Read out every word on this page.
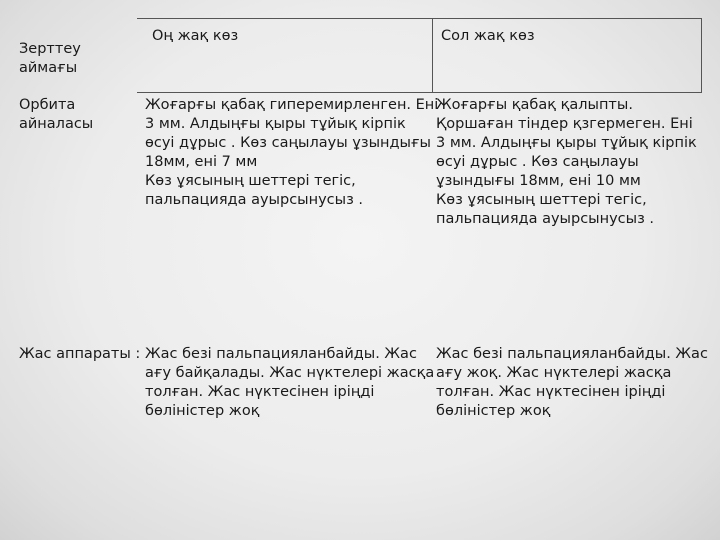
Зерттеу
аймағы
Оң жақ көз	Сол жақ көз
Орбита
айналасы
Жоғарғы қабақ гиперемирленген. Ені
3 мм. Алдыңғы қыры тұйық кірпік
өсуі дұрыс . Көз саңылауы ұзындығы
18мм, ені 7 мм
Көз ұясының шеттері тегіс,
пальпацияда ауырсынусыз .
Жоғарғы қабақ қалыпты.
Қоршаған тіндер қзгермеген. Ені
3 мм. Алдыңғы қыры тұйық кірпік
өсуі дұрыс . Көз саңылауы
ұзындығы 18мм, ені 10 мм
Көз ұясының шеттері тегіс,
пальпацияда ауырсынусыз .
Жас аппараты : Жас безі пальпацияланбайды. Жас
ағу байқалады. Жас нүктелері жасқа
толған. Жас нүктесінен іріңді
бөліністер жоқ
Жас безі пальпацияланбайды. Жас
ағу жоқ. Жас нүктелері жасқа
толған. Жас нүктесінен іріңді
бөліністер жоқ
